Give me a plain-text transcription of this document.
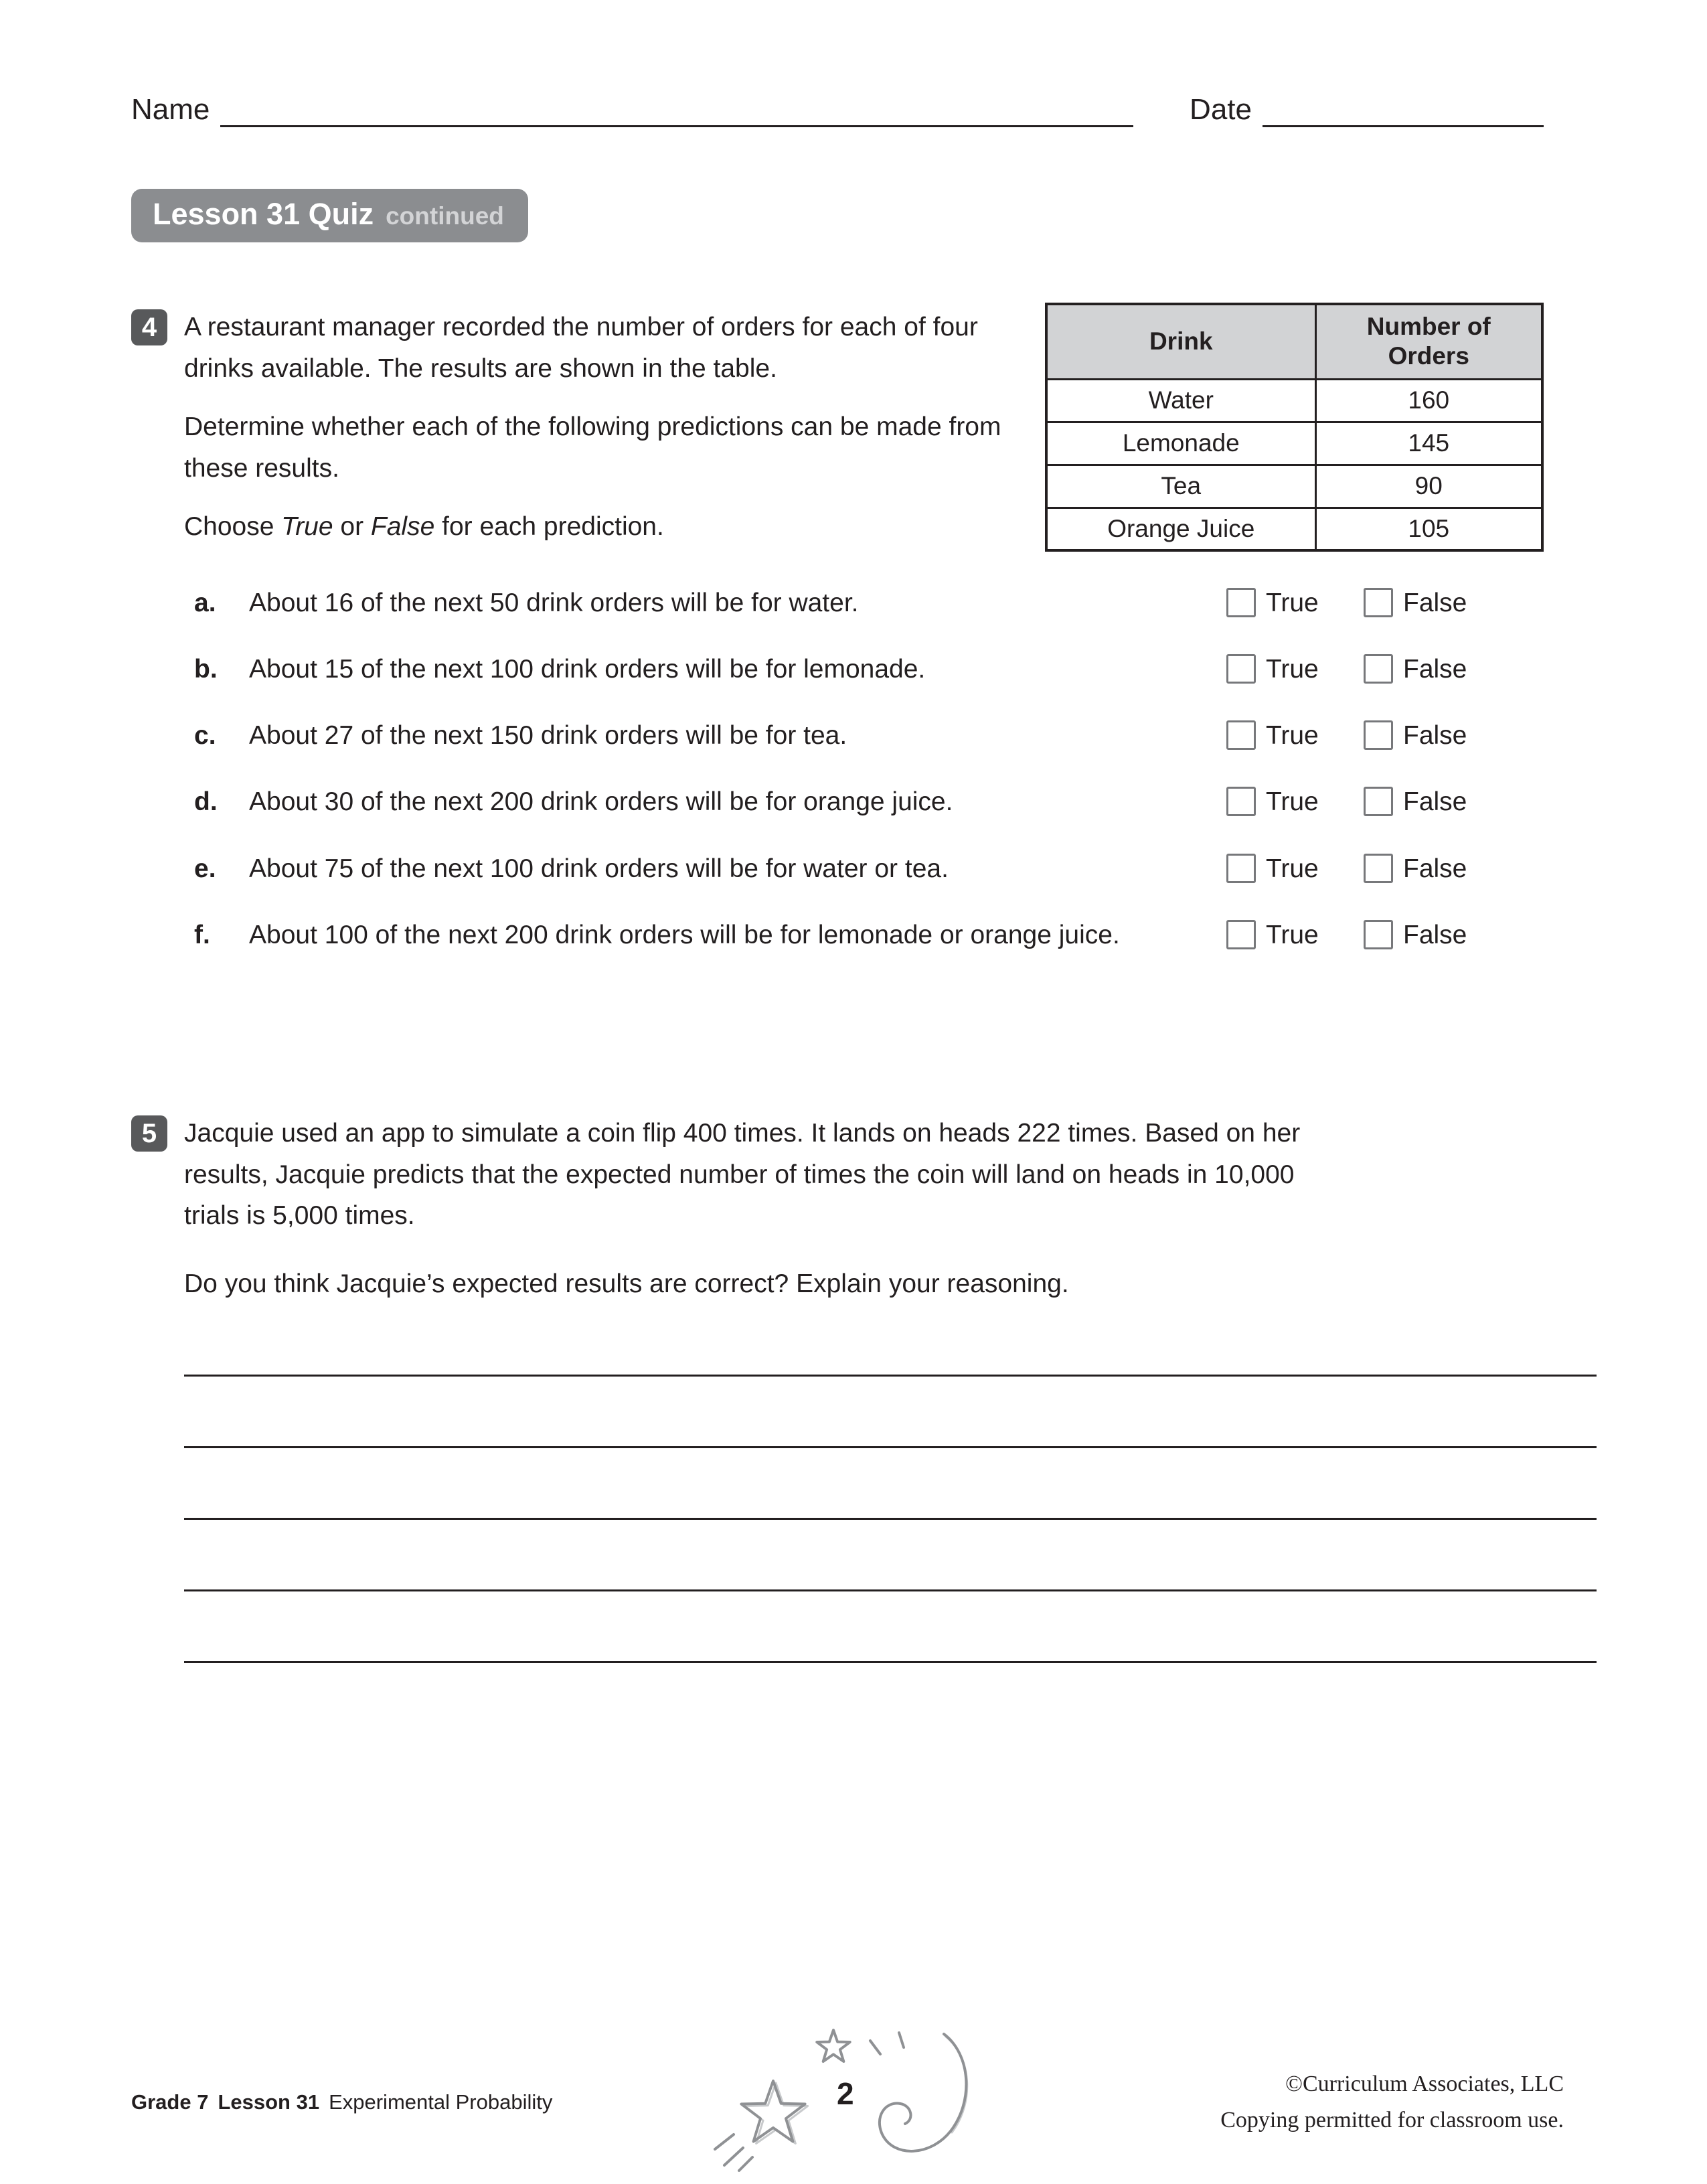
Name	Date
Lesson 31 Quiz continued
4	Drink	Number of Orders
Water	160
Lemonade	145
Tea	90
Orange Juice	105

A restaurant manager recorded the number of orders for each of four drinks available. The results are shown in the table.

Determine whether each of the following predictions can be made from these results.

Choose True or False for each prediction.

a.	About 16 of the next 50 drink orders will be for water.	True	False
b.	About 15 of the next 100 drink orders will be for lemonade.	True	False
c.	About 27 of the next 150 drink orders will be for tea.	True	False
d.	About 30 of the next 200 drink orders will be for orange juice.	True	False
e.	About 75 of the next 100 drink orders will be for water or tea.	True	False
f.	About 100 of the next 200 drink orders will be for lemonade or orange juice.	True	False
5	Jacquie used an app to simulate a coin flip 400 times. It lands on heads 222 times. Based on her results, Jacquie predicts that the expected number of times the coin will land on heads in 10,000 trials is 5,000 times.

Do you think Jacquie’s expected results are correct? Explain your reasoning.

Grade 7 Lesson 31 Experimental Probability	2	©Curriculum Associates, LLC
Copying permitted for classroom use.
